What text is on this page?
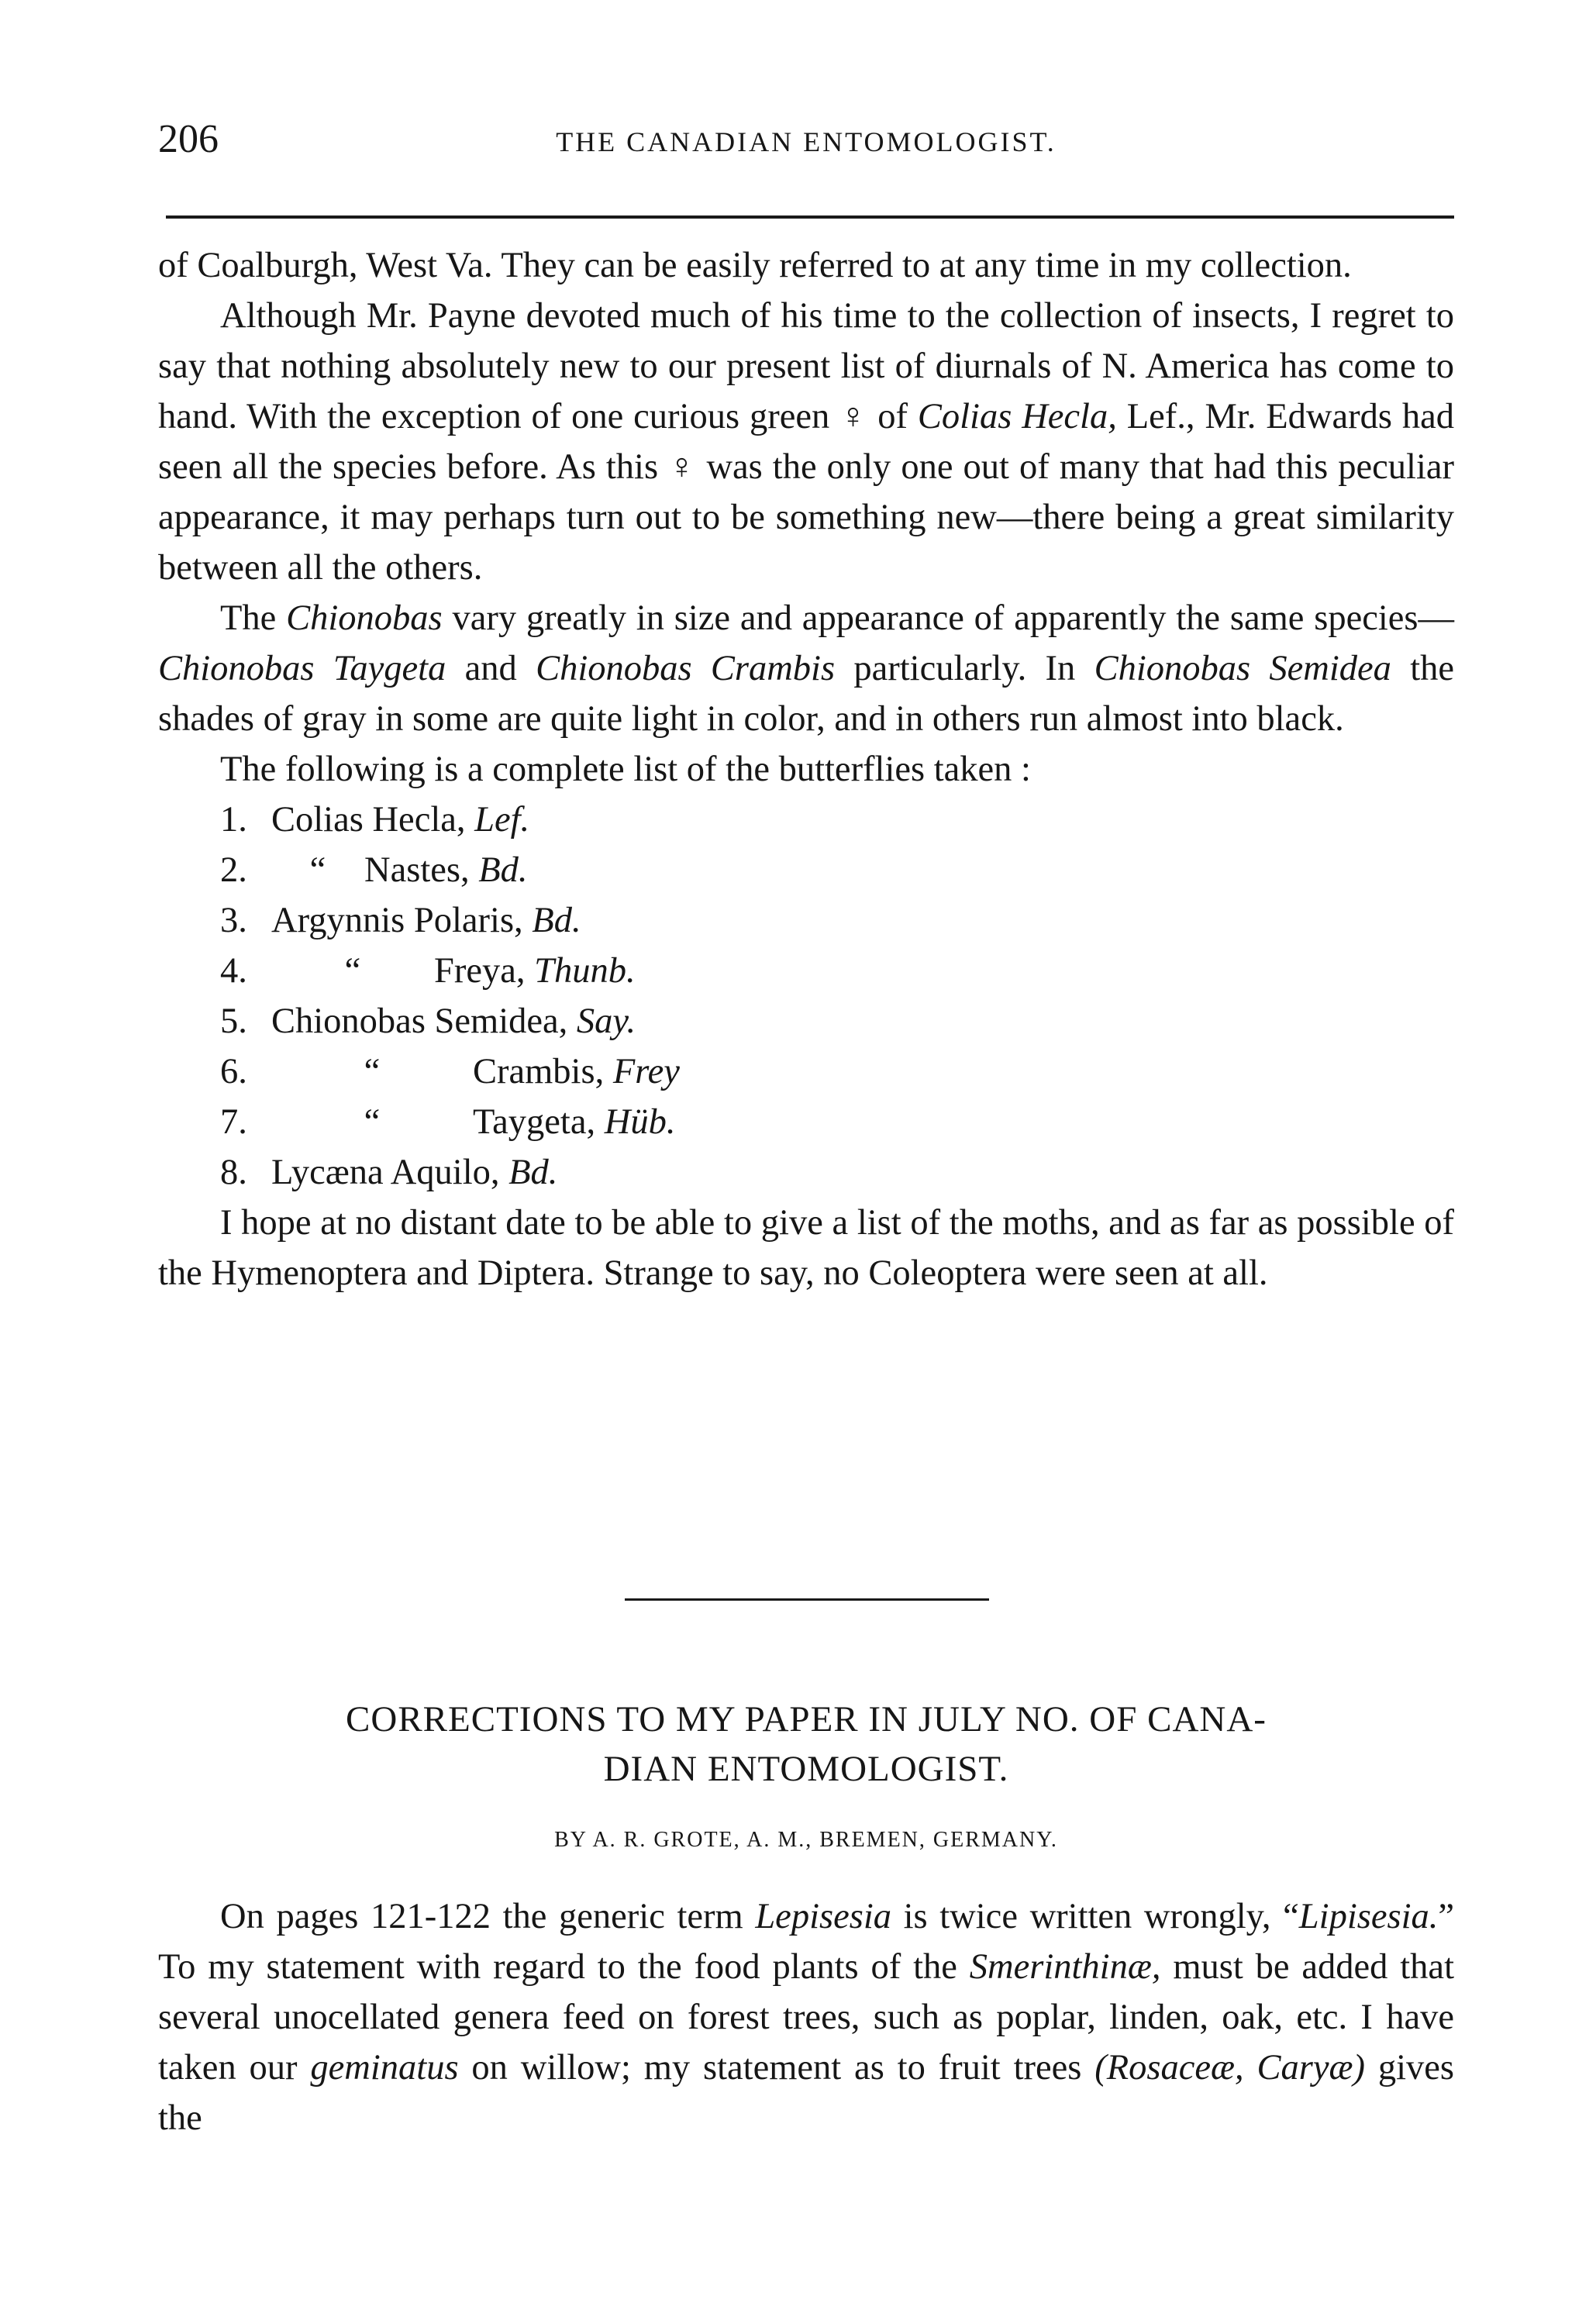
206	THE CANADIAN ENTOMOLOGIST.

of Coalburgh, West Va. They can be easily referred to at any time in my collection.

Although Mr. Payne devoted much of his time to the collection of insects, I regret to say that nothing absolutely new to our present list of diurnals of N. America has come to hand. With the exception of one curious green ♀ of Colias Hecla, Lef., Mr. Edwards had seen all the species before. As this ♀ was the only one out of many that had this peculiar appearance, it may perhaps turn out to be something new—there being a great similarity between all the others.

The Chionobas vary greatly in size and appearance of apparently the same species—Chionobas Taygeta and Chionobas Crambis particularly. In Chionobas Semidea the shades of gray in some are quite light in color, and in others run almost into black.

The following is a complete list of the butterflies taken :

1. Colias Hecla, Lef.
2.	“ Nastes, Bd.
3. Argynnis Polaris, Bd.
4.	“ Freya, Thunb.
5. Chionobas Semidea, Say.
6.	“	Crambis, Frey
7.	“	Taygeta, Hüb.
8. Lycæna Aquilo, Bd.

I hope at no distant date to be able to give a list of the moths, and as far as possible of the Hymenoptera and Diptera. Strange to say, no Coleoptera were seen at all.

CORRECTIONS TO MY PAPER IN JULY NO. OF CANA-
DIAN ENTOMOLOGIST.
BY A. R. GROTE, A. M., BREMEN, GERMANY.

On pages 121-122 the generic term Lepisesia is twice written wrongly, “Lipisesia.” To my statement with regard to the food plants of the Smerinthinæ, must be added that several unocellated genera feed on forest trees, such as poplar, linden, oak, etc. I have taken our geminatus on willow; my statement as to fruit trees (Rosaceæ, Caryæ) gives the
